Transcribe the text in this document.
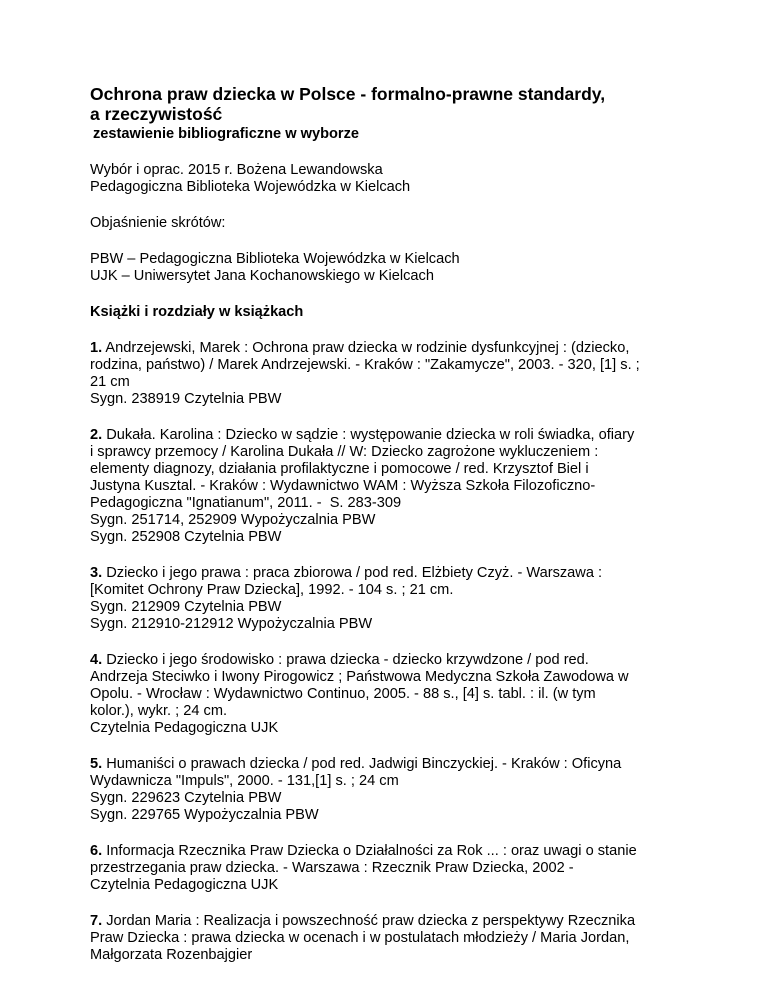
Ochrona praw dziecka w Polsce - formalno-prawne standardy,
a rzeczywistość
zestawienie bibliograficzne w wyborze
Wybór i oprac. 2015 r. Bożena Lewandowska
Pedagogiczna Biblioteka Wojewódzka w Kielcach
Objaśnienie skrótów:
PBW – Pedagogiczna Biblioteka Wojewódzka w Kielcach
UJK – Uniwersytet Jana Kochanowskiego w Kielcach
Książki i rozdziały w książkach
1. Andrzejewski, Marek : Ochrona praw dziecka w rodzinie dysfunkcyjnej : (dziecko,
rodzina, państwo) / Marek Andrzejewski. - Kraków : "Zakamycze", 2003. - 320, [1] s. ;
21 cm
Sygn. 238919 Czytelnia PBW
2. Dukała. Karolina : Dziecko w sądzie : występowanie dziecka w roli świadka, ofiary
i sprawcy przemocy / Karolina Dukała // W: Dziecko zagrożone wykluczeniem :
elementy diagnozy, działania profilaktyczne i pomocowe / red. Krzysztof Biel i
Justyna Kusztal. - Kraków : Wydawnictwo WAM : Wyższa Szkoła Filozoficzno-
Pedagogiczna "Ignatianum", 2011. -  S. 283-309
Sygn. 251714, 252909 Wypożyczalnia PBW
Sygn. 252908 Czytelnia PBW
3. Dziecko i jego prawa : praca zbiorowa / pod red. Elżbiety Czyż. - Warszawa :
[Komitet Ochrony Praw Dziecka], 1992. - 104 s. ; 21 cm.
Sygn. 212909 Czytelnia PBW
Sygn. 212910-212912 Wypożyczalnia PBW
4. Dziecko i jego środowisko : prawa dziecka - dziecko krzywdzone / pod red.
Andrzeja Steciwko i Iwony Pirogowicz ; Państwowa Medyczna Szkoła Zawodowa w
Opolu. - Wrocław : Wydawnictwo Continuo, 2005. - 88 s., [4] s. tabl. : il. (w tym
kolor.), wykr. ; 24 cm.
Czytelnia Pedagogiczna UJK
5. Humaniści o prawach dziecka / pod red. Jadwigi Binczyckiej. - Kraków : Oficyna
Wydawnicza "Impuls", 2000. - 131,[1] s. ; 24 cm
Sygn. 229623 Czytelnia PBW
Sygn. 229765 Wypożyczalnia PBW
6. Informacja Rzecznika Praw Dziecka o Działalności za Rok ... : oraz uwagi o stanie
przestrzegania praw dziecka. - Warszawa : Rzecznik Praw Dziecka, 2002 -
Czytelnia Pedagogiczna UJK
7. Jordan Maria : Realizacja i powszechność praw dziecka z perspektywy Rzecznika
Praw Dziecka : prawa dziecka w ocenach i w postulatach młodzieży / Maria Jordan,
Małgorzata Rozenbajgier
